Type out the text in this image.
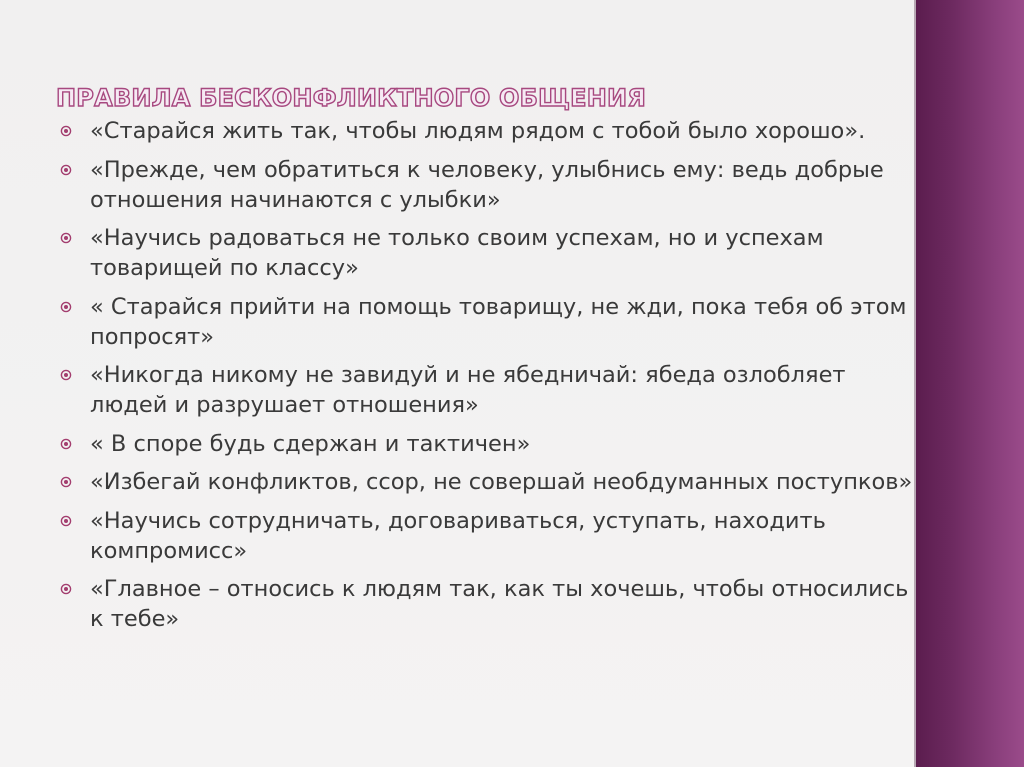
ПРАВИЛА БЕСКОНФЛИКТНОГО ОБЩЕНИЯ
«Старайся жить так, чтобы людям рядом с тобой было хорошо».
«Прежде, чем обратиться к человеку, улыбнись ему: ведь добрые отношения начинаются с улыбки»
«Научись радоваться не только своим успехам, но и успехам товарищей по классу»
« Старайся прийти на помощь товарищу, не жди, пока тебя об этом попросят»
«Никогда никому не завидуй и не ябедничай: ябеда озлобляет людей и разрушает отношения»
« В споре будь сдержан и тактичен»
«Избегай конфликтов, ссор, не совершай необдуманных поступков»
«Научись сотрудничать, договариваться, уступать, находить компромисс»
«Главное – относись к людям так, как ты хочешь, чтобы относились к тебе»
